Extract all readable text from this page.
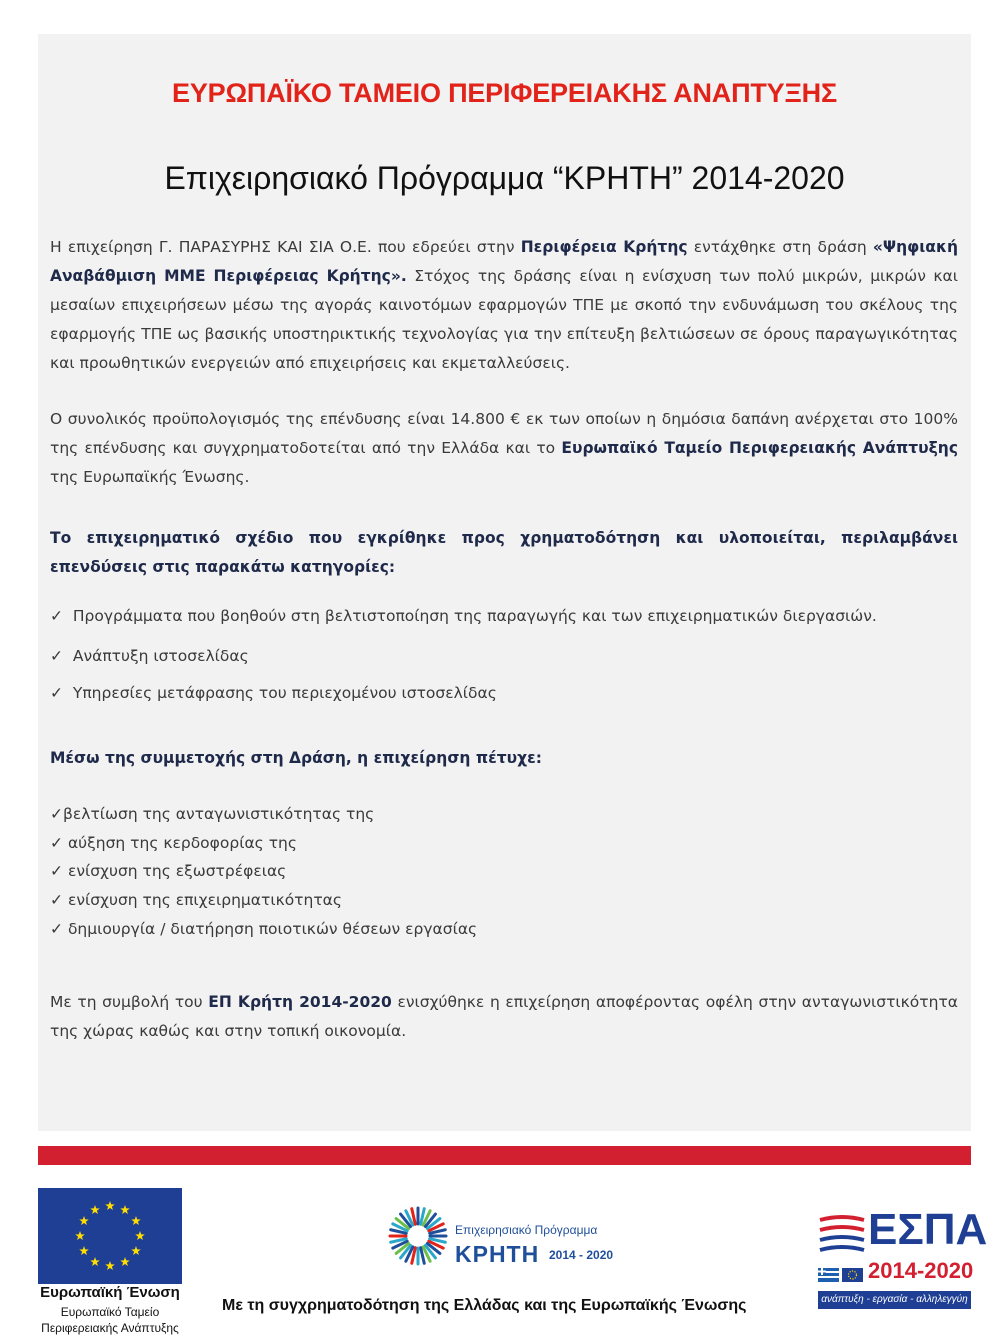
ΕΥΡΩΠΑΪΚΟ ΤΑΜΕΙΟ ΠΕΡΙΦΕΡΕΙΑΚΗΣ ΑΝΑΠΤΥΞΗΣ
Επιχειρησιακό Πρόγραμμα “ΚΡΗΤΗ” 2014-2020
Η επιχείρηση Γ. ΠΑΡΑΣΥΡΗΣ ΚΑΙ ΣΙΑ Ο.Ε. που εδρεύει στην Περιφέρεια Κρήτης εντάχθηκε στη δράση «Ψηφιακή Αναβάθμιση ΜΜΕ Περιφέρειας Κρήτης». Στόχος της δράσης είναι η ενίσχυση των πολύ μικρών, μικρών και μεσαίων επιχειρήσεων μέσω της αγοράς καινοτόμων εφαρμογών ΤΠΕ με σκοπό την ενδυνάμωση του σκέλους της εφαρμογής ΤΠΕ ως βασικής υποστηρικτικής τεχνολογίας για την επίτευξη βελτιώσεων σε όρους παραγωγικότητας και προωθητικών ενεργειών από επιχειρήσεις και εκμεταλλεύσεις.
Ο συνολικός προϋπολογισμός της επένδυσης είναι 14.800 € εκ των οποίων η δημόσια δαπάνη ανέρχεται στο 100% της επένδυσης και συγχρηματοδοτείται από την Ελλάδα και το Ευρωπαϊκό Ταμείο Περιφερειακής Ανάπτυξης της Ευρωπαϊκής Ένωσης.
Το επιχειρηματικό σχέδιο που εγκρίθηκε προς χρηματοδότηση και υλοποιείται, περιλαμβάνει επενδύσεις στις παρακάτω κατηγορίες:
✓ Προγράμματα που βοηθούν στη βελτιστοποίηση της παραγωγής και των επιχειρηματικών διεργασιών.
✓ Ανάπτυξη ιστοσελίδας
✓ Υπηρεσίες μετάφρασης του περιεχομένου ιστοσελίδας
Μέσω της συμμετοχής στη Δράση, η επιχείρηση πέτυχε:
✓βελτίωση της ανταγωνιστικότητας της
✓ αύξηση της κερδοφορίας της
✓ ενίσχυση της εξωστρέφειας
✓ ενίσχυση της επιχειρηματικότητας
✓ δημιουργία / διατήρηση ποιοτικών θέσεων εργασίας
Με τη συμβολή του ΕΠ Κρήτη 2014-2020 ενισχύθηκε η επιχείρηση αποφέροντας οφέλη στην ανταγωνιστικότητα της χώρας καθώς και στην τοπική οικονομία.
Ευρωπαϊκή Ένωση
Ευρωπαϊκό Ταμείο
Περιφερειακής Ανάπτυξης
Επιχειρησιακό Πρόγραμμα
ΚΡΗΤΗ 2014 - 2020
ΕΣΠΑ
2014-2020
ανάπτυξη - εργασία - αλληλεγγύη
Με τη συγχρηματοδότηση της Ελλάδας και της Ευρωπαϊκής Ένωσης
